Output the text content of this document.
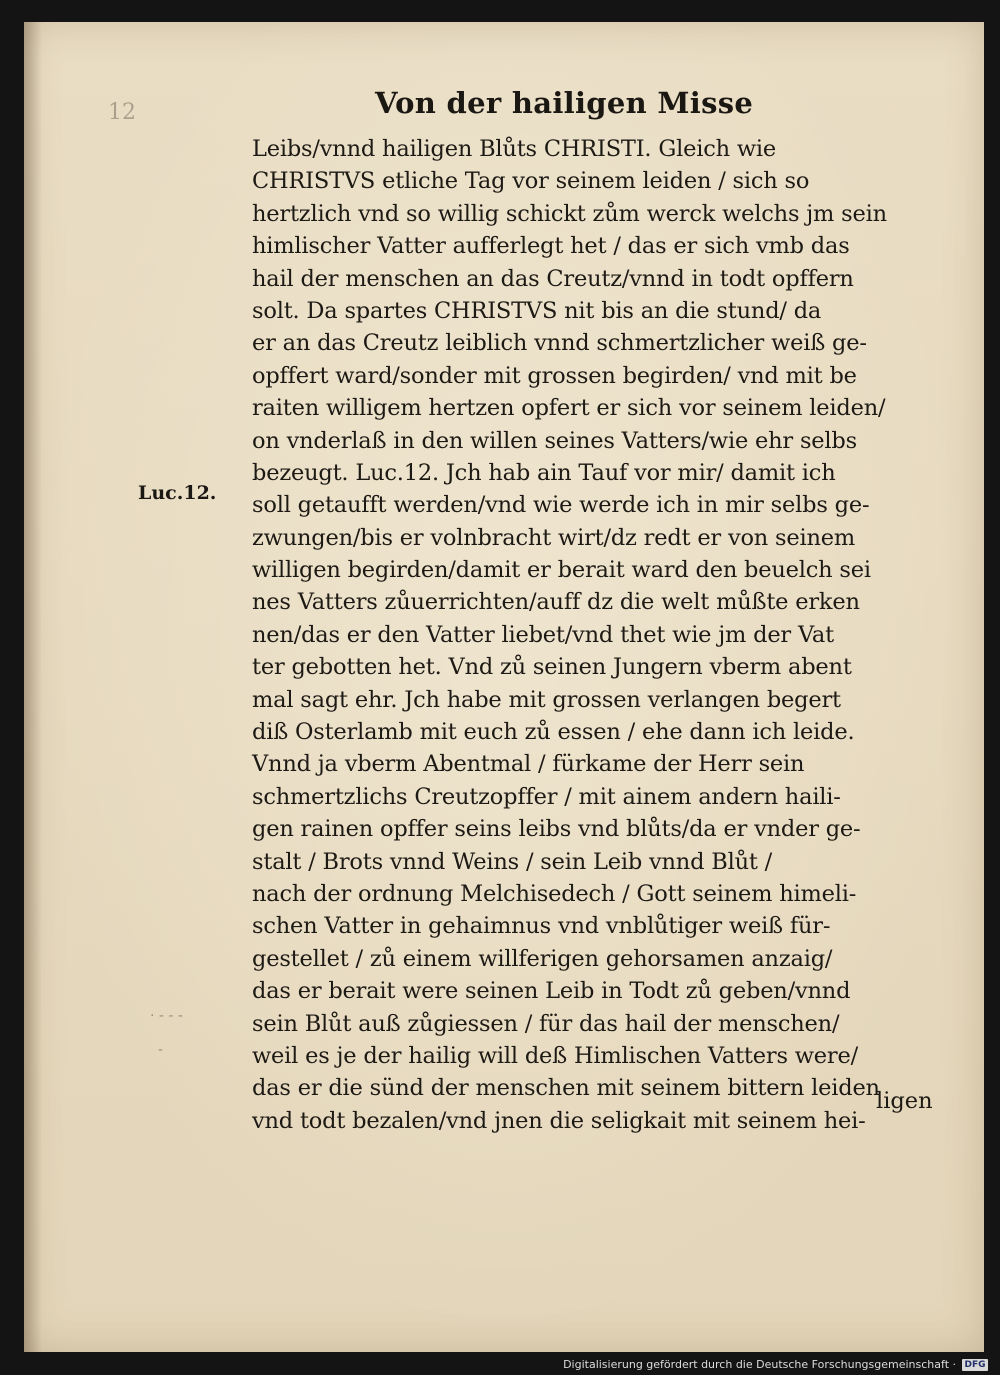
12	Von der hailigen Misse
Luc.12.
Leibs/vnnd hailigen Blůts CHRISTI. Gleich wie
CHRISTVS etliche Tag vor seinem leiden / sich so
hertzlich vnd so willig schickt zům werck welchs jm sein
himlischer Vatter aufferlegt het / das er sich vmb das
hail der menschen an das Creutz/vnnd in todt opffern
solt. Da spartes CHRISTVS nit bis an die stund/ da
er an das Creutz leiblich vnnd schmertzlicher weiß ge‑
opffert ward/sonder mit grossen begirden/ vnd mit be
raiten willigem hertzen opfert er sich vor seinem leiden/
on vnderlaß in den willen seines Vatters/wie ehr selbs
bezeugt. Luc.12. Jch hab ain Tauf vor mir/ damit ich
soll getaufft werden/vnd wie werde ich in mir selbs ge‑
zwungen/bis er volnbracht wirt/dz redt er von seinem
willigen begirden/damit er berait ward den beuelch sei
nes Vatters zůuerrichten/auff dz die welt můßte erken
nen/das er den Vatter liebet/vnd thet wie jm der Vat
ter gebotten het. Vnd zů seinen Jungern vberm abent
mal sagt ehr. Jch habe mit grossen verlangen begert
diß Osterlamb mit euch zů essen / ehe dann ich leide.
Vnnd ja vberm Abentmal / fürkame der Herr sein
schmertzlichs Creutzopffer / mit ainem andern haili‑
gen rainen opffer seins leibs vnd blůts/da er vnder ge‑
stalt / Brots vnnd Weins / sein Leib vnnd Blůt /
nach der ordnung Melchisedech / Gott seinem himeli‑
schen Vatter in gehaimnus vnd vnblůtiger weiß für‑
gestellet / zů einem willferigen gehorsamen anzaig/
das er berait were seinen Leib in Todt zů geben/vnnd
sein Blůt auß zůgiessen / für das hail der menschen/
weil es je der hailig will deß Himlischen Vatters were/
das er die sünd der menschen mit seinem bittern leiden
vnd todt bezalen/vnd jnen die seligkait mit seinem hei‑
ligen
· - - -
-
Digitalisierung gefördert durch die Deutsche Forschungsgemeinschaft · DFG
